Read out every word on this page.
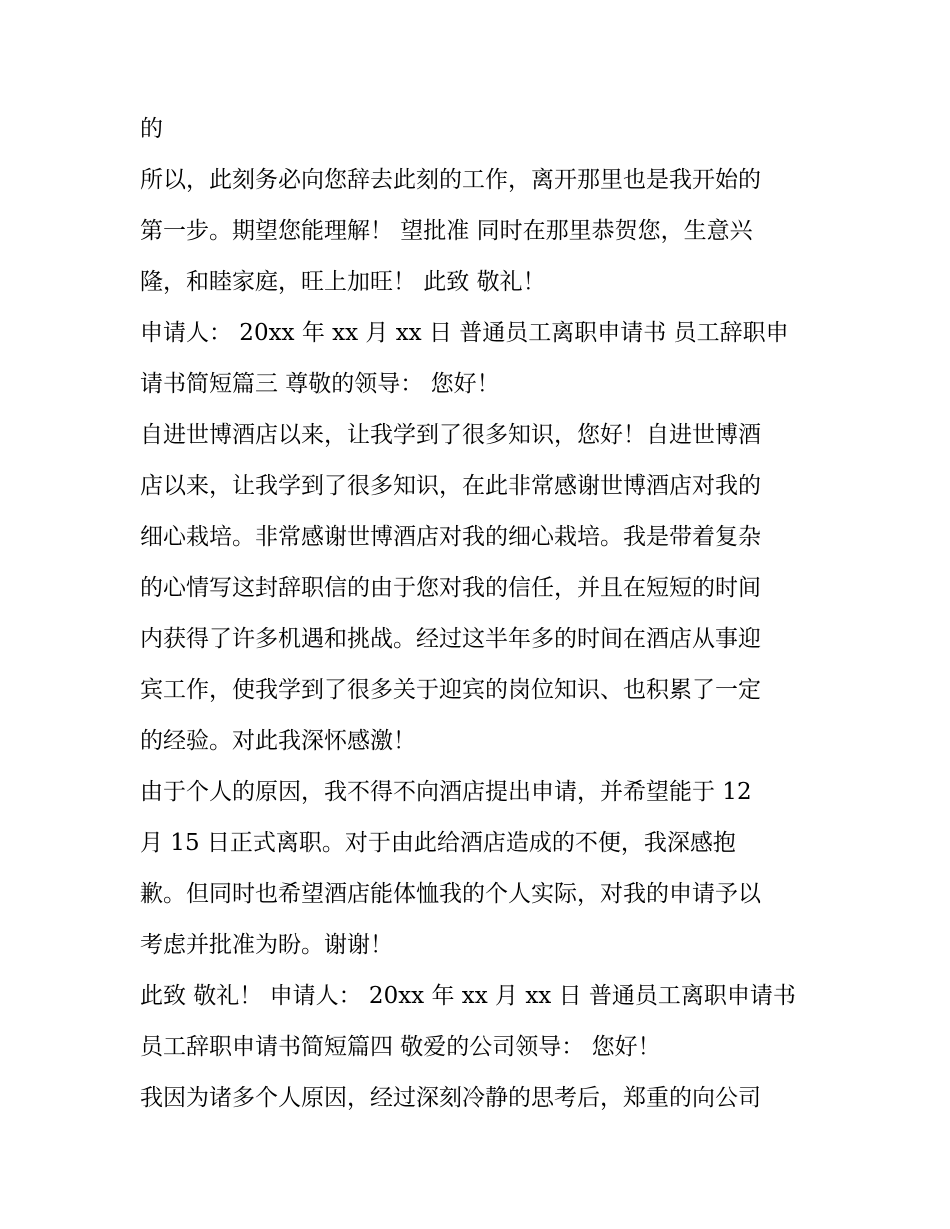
的
所以，此刻务必向您辞去此刻的工作，离开那里也是我开始的
第一步。期望您能理解！ 望批准 同时在那里恭贺您，生意兴
隆，和睦家庭，旺上加旺！ 此致 敬礼！
申请人： 20xx 年 xx 月 xx 日 普通员工离职申请书 员工辞职申
请书简短篇三 尊敬的领导： 您好！
自进世博酒店以来，让我学到了很多知识，您好！自进世博酒
店以来，让我学到了很多知识，在此非常感谢世博酒店对我的
细心栽培。非常感谢世博酒店对我的细心栽培。我是带着复杂
的心情写这封辞职信的由于您对我的信任，并且在短短的时间
内获得了许多机遇和挑战。经过这半年多的时间在酒店从事迎
宾工作，使我学到了很多关于迎宾的岗位知识、也积累了一定
的经验。对此我深怀感激！
由于个人的原因，我不得不向酒店提出申请，并希望能于 12
月 15 日正式离职。对于由此给酒店造成的不便，我深感抱
歉。但同时也希望酒店能体恤我的个人实际，对我的申请予以
考虑并批准为盼。谢谢！
此致 敬礼！ 申请人： 20xx 年 xx 月 xx 日 普通员工离职申请书
员工辞职申请书简短篇四 敬爱的公司领导： 您好！
我因为诸多个人原因，经过深刻冷静的思考后，郑重的向公司
